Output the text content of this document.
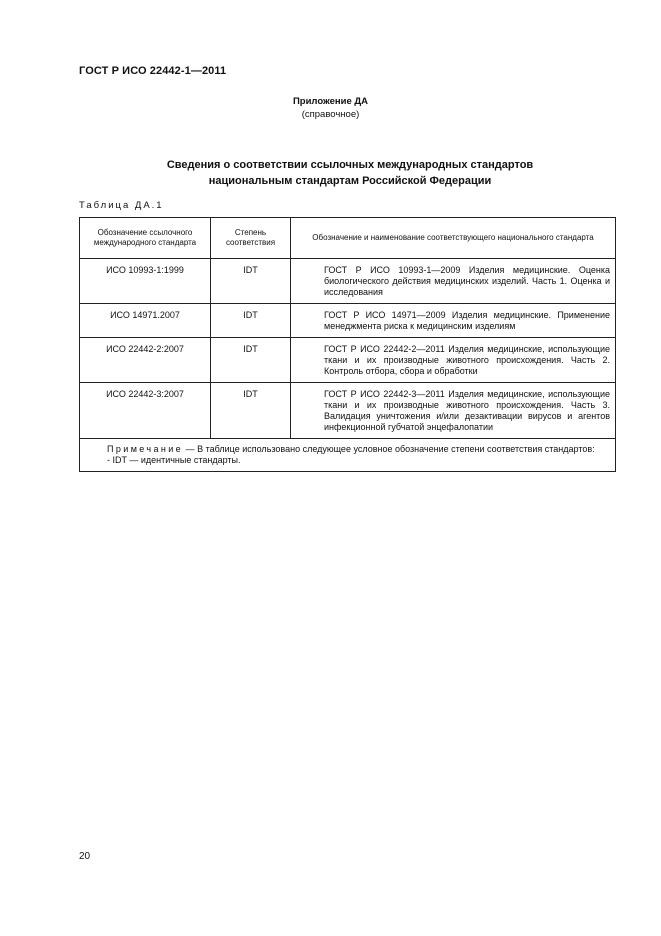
ГОСТ Р ИСО 22442-1—2011
Приложение ДА
(справочное)
Сведения о соответствии ссылочных международных стандартов
национальным стандартам Российской Федерации
Таблица ДА.1
Обозначение ссылочного международного стандарта	Степень соответствия	Обозначение и наименование соответствующего национального стандарта
ИСО 10993-1:1999	IDT	ГОСТ Р ИСО 10993-1—2009 Изделия медицинские. Оценка биологического действия медицинских изделий. Часть 1. Оценка и исследования

ИСО 14971.2007	IDT	ГОСТ Р ИСО 14971—2009 Изделия медицинские. Применение менеджмента риска к медицинским изделиям

ИСО 22442-2:2007	IDT	ГОСТ Р ИСО 22442-2—2011 Изделия медицинские, использующие ткани и их производные животного происхождения. Часть 2. Контроль отбора, сбора и обработки

ИСО 22442-3:2007	IDT	ГОСТ Р ИСО 22442-3—2011 Изделия медицинские, использующие ткани и их производные животного происхождения. Часть 3. Валидация уничтожения и/или дезактивации вирусов и агентов инфекционной губчатой энцефалопатии

Примечание — В таблице использовано следующее условное обозначение степени соответствия стандартов:
- IDT — идентичные стандарты.		
20
